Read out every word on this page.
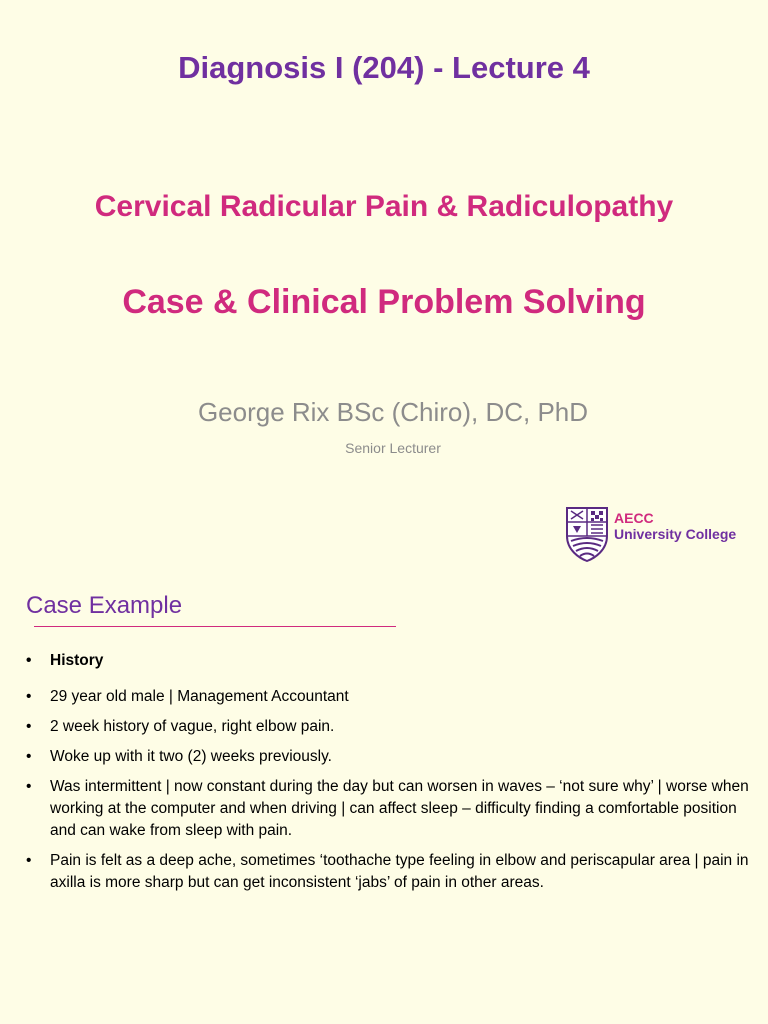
Diagnosis I (204) - Lecture 4
Cervical Radicular Pain & Radiculopathy
Case & Clinical Problem Solving
George Rix BSc (Chiro), DC, PhD
Senior Lecturer
AECC
University College
Case Example
• History
• 29 year old male | Management Accountant
• 2 week history of vague, right elbow pain.
• Woke up with it two (2) weeks previously.
• Was intermittent | now constant during the day but can worsen in waves – ‘not sure why’ | worse when working at the computer and when driving | can affect sleep – difficulty finding a comfortable position and can wake from sleep with pain.
• Pain is felt as a deep ache, sometimes ‘toothache type feeling in elbow and periscapular area | pain in axilla is more sharp but can get inconsistent ‘jabs’ of pain in other areas.
